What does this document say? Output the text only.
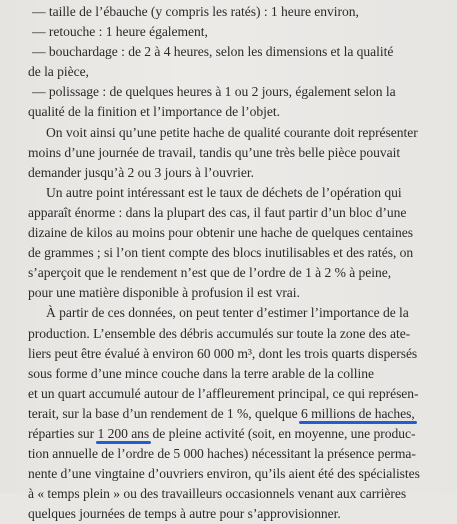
— taille de l’ébauche (y compris les ratés) : 1 heure environ,
— retouche : 1 heure également,
— bouchardage : de 2 à 4 heures, selon les dimensions et la qualité
de la pièce,
— polissage : de quelques heures à 1 ou 2 jours, également selon la
qualité de la finition et l’importance de l’objet.
On voit ainsi qu’une petite hache de qualité courante doit représenter
moins d’une journée de travail, tandis qu’une très belle pièce pouvait
demander jusqu’à 2 ou 3 jours à l’ouvrier.
Un autre point intéressant est le taux de déchets de l’opération qui
apparaît énorme : dans la plupart des cas, il faut partir d’un bloc d’une
dizaine de kilos au moins pour obtenir une hache de quelques centaines
de grammes ; si l’on tient compte des blocs inutilisables et des ratés, on
s’aperçoit que le rendement n’est que de l’ordre de 1 à 2 % à peine,
pour une matière disponible à profusion il est vrai.
À partir de ces données, on peut tenter d’estimer l’importance de la
production. L’ensemble des débris accumulés sur toute la zone des ate-
liers peut être évalué à environ 60 000 m³, dont les trois quarts dispersés
sous forme d’une mince couche dans la terre arable de la colline
et un quart accumulé autour de l’affleurement principal, ce qui représen-
terait, sur la base d’un rendement de 1 %, quelque 6 millions de haches,
réparties sur 1 200 ans de pleine activité (soit, en moyenne, une produc-
tion annuelle de l’ordre de 5 000 haches) nécessitant la présence perma-
nente d’une vingtaine d’ouvriers environ, qu’ils aient été des spécialistes
à « temps plein » ou des travailleurs occasionnels venant aux carrières
quelques journées de temps à autre pour s’approvisionner.
